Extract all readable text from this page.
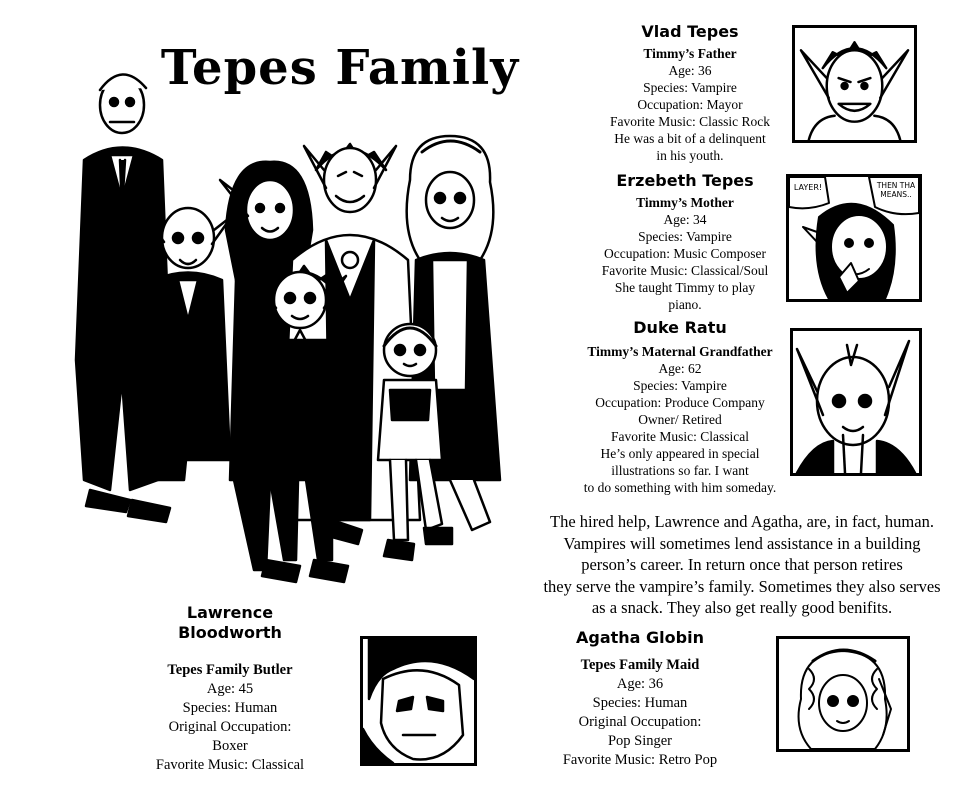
Tepes Family
Vlad Tepes
Timmy’s Father
Age: 36
Species: Vampire
Occupation: Mayor
Favorite Music: Classic Rock
He was a bit of a delinquent
in his youth.
Erzebeth Tepes
Timmy’s Mother
Age: 34
Species: Vampire
Occupation: Music Composer
Favorite Music: Classical/Soul
She taught Timmy to play
piano.
LAYER!	THEN THA MEANS..
Duke Ratu
Timmy’s Maternal Grandfather
Age: 62
Species: Vampire
Occupation: Produce Company
Owner/ Retired
Favorite Music: Classical
He’s only appeared in special
illustrations so far. I want
to do something with him someday.
The hired help, Lawrence and Agatha, are, in fact, human.
Vampires will sometimes lend assistance in a building
person’s career. In return once that person retires
they serve the vampire’s family. Sometimes they also serves
as a snack. They also get really good benifits.
Lawrence
Bloodworth
Tepes Family Butler
Age: 45
Species: Human
Original Occupation:
Boxer
Favorite Music: Classical
Agatha Globin
Tepes Family Maid
Age: 36
Species: Human
Original Occupation:
Pop Singer
Favorite Music: Retro Pop
